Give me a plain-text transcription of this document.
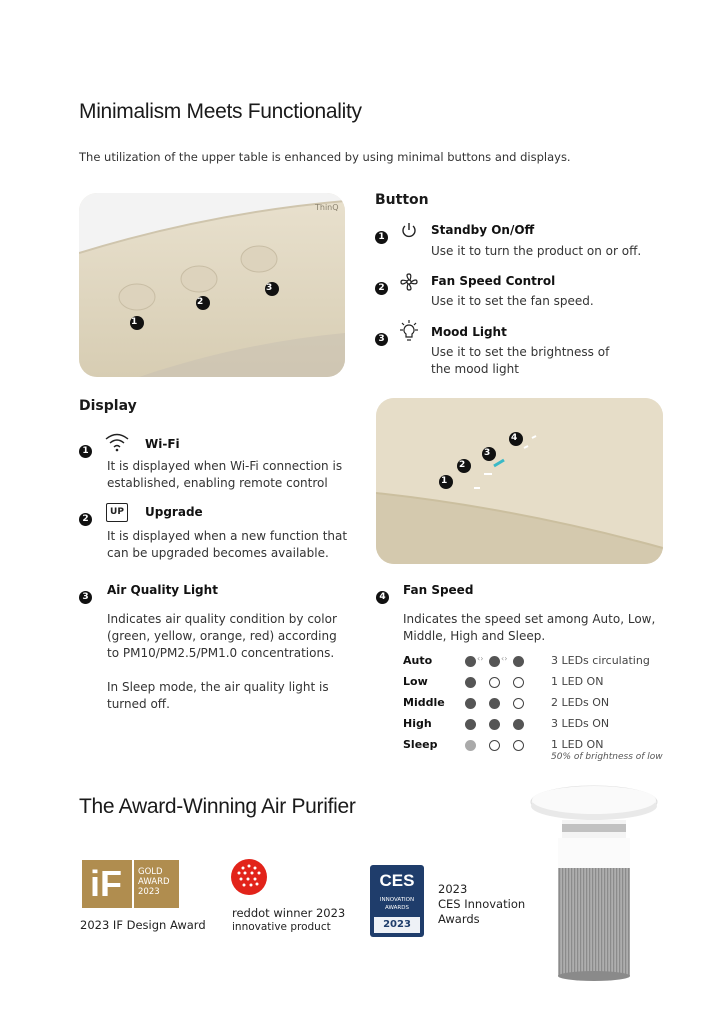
Minimalism Meets Functionality
The utilization of the upper table is enhanced by using minimal buttons and displays.
1
2
3
ThinQ	Button
1	Standby On/Off
Use it to turn the product on or off.
2	Fan Speed Control
Use it to set the fan speed.
3	Mood Light
Use it to set the brightness of
the mood light
Display
1	Wi-Fi
It is displayed when Wi-Fi connection is
established, enabling remote control
2
UP	Upgrade
It is displayed when a new function that
can be upgraded becomes available.
1
2
3
4
3 Air Quality Light
Indicates air quality condition by color
(green, yellow, orange, red) according
to PM10/PM2.5/PM1.0 concentrations.
In Sleep mode, the air quality light is
turned off.
4 Fan Speed
Indicates the speed set among Auto, Low,
Middle, High and Sleep.
Auto	‹› ‹›	3 LEDs circulating
Low	1 LED ON
Middle	2 LEDs ON
High	3 LEDs ON
Sleep	1 LED ON
50% of brightness of low
The Award-Winning Air Purifier
iF GOLD
AWARD
2023
2023 IF Design Award
reddot winner 2023
innovative product
CES
INNOVATION
AWARDS
2023
2023
CES Innovation
Awards
